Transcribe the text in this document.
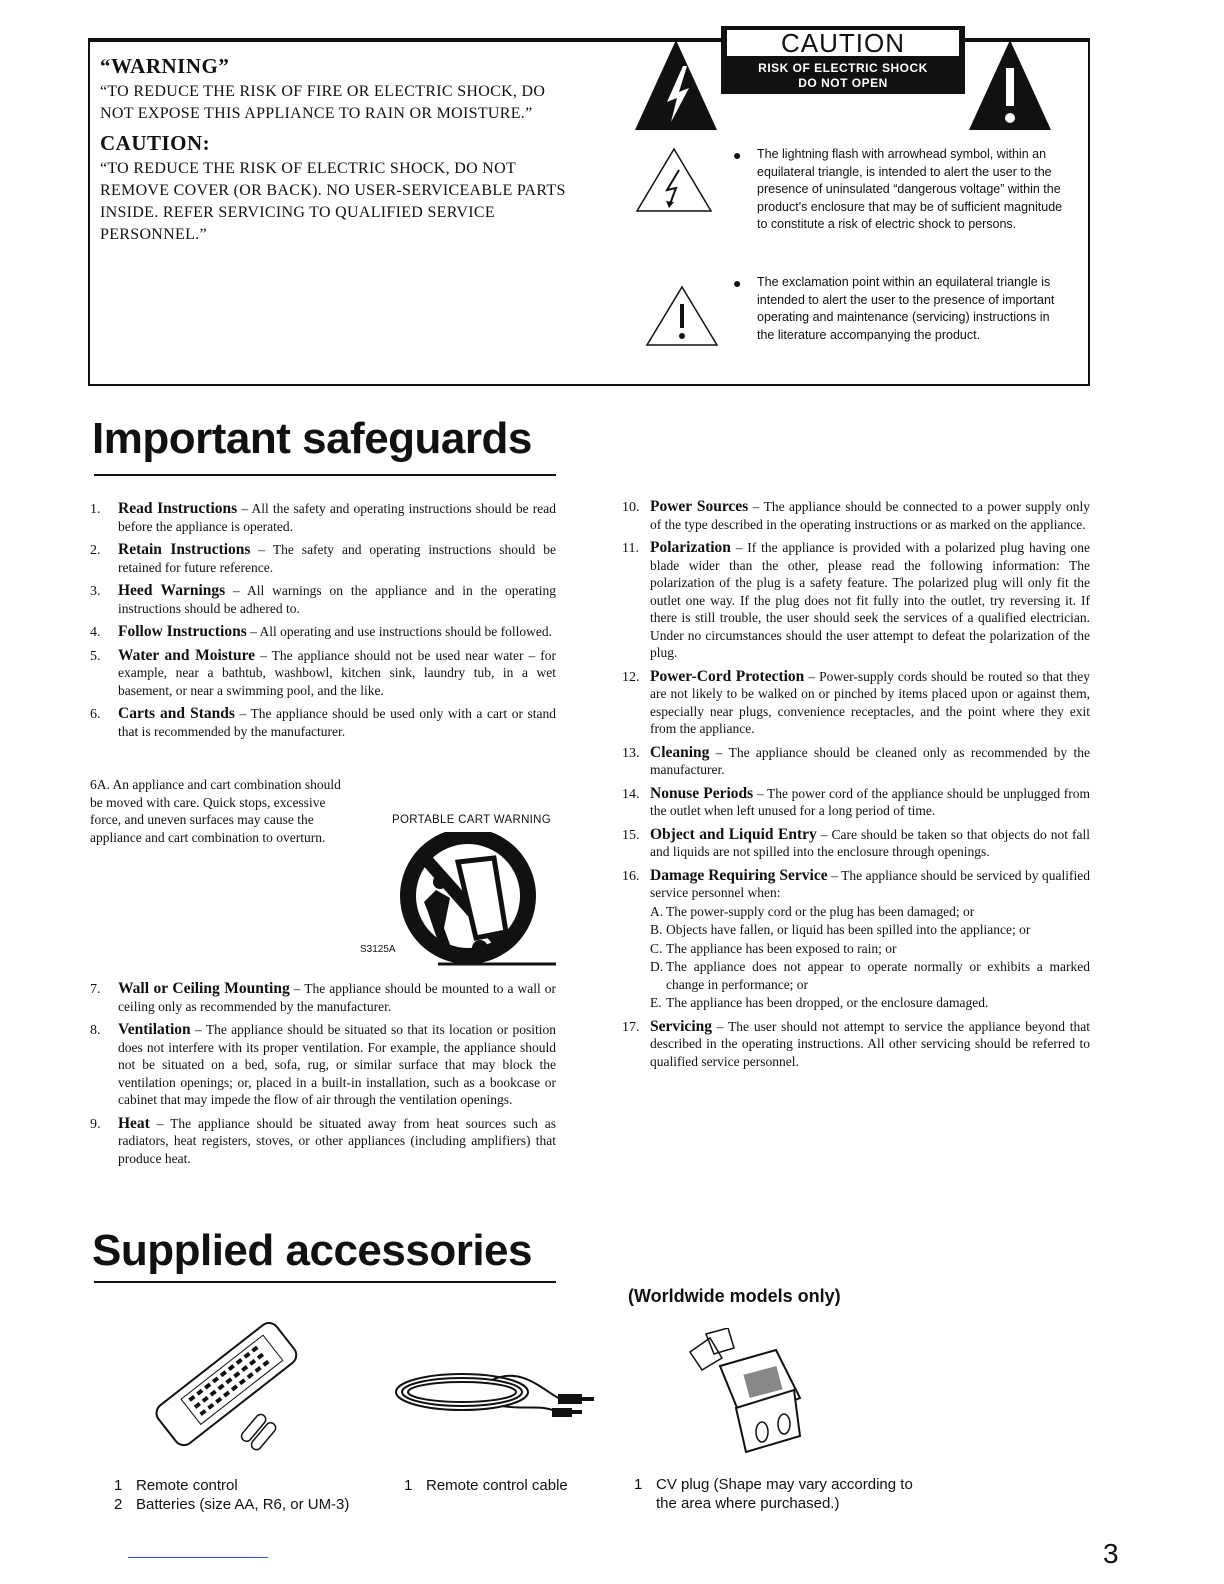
“WARNING”
“TO REDUCE THE RISK OF FIRE OR ELECTRIC SHOCK, DO NOT EXPOSE THIS APPLIANCE TO RAIN OR MOISTURE.”
CAUTION:
“TO REDUCE THE RISK OF ELECTRIC SHOCK, DO NOT REMOVE COVER (OR BACK). NO USER-SERVICEABLE PARTS INSIDE. REFER SERVICING TO QUALIFIED SERVICE PERSONNEL.”
CAUTION
RISK OF ELECTRIC SHOCK
DO NOT OPEN
● The lightning flash with arrowhead symbol, within an equilateral triangle, is intended to alert the user to the presence of uninsulated “dangerous voltage” within the product's enclosure that may be of sufficient magnitude to constitute a risk of electric shock to persons.
● The exclamation point within an equilateral triangle is intended to alert the user to the presence of important operating and maintenance (servicing) instructions in the literature accompanying the product.
Important safeguards
1. Read Instructions – All the safety and operating instructions should be read before the appliance is operated.
2. Retain Instructions – The safety and operating instructions should be retained for future reference.
3. Heed Warnings – All warnings on the appliance and in the operating instructions should be adhered to.
4. Follow Instructions – All operating and use instructions should be followed.
5. Water and Moisture – The appliance should not be used near water – for example, near a bathtub, washbowl, kitchen sink, laundry tub, in a wet basement, or near a swimming pool, and the like.
6. Carts and Stands – The appliance should be used only with a cart or stand that is recommended by the manufacturer.
6A. An appliance and cart combination should be moved with care. Quick stops, excessive force, and uneven surfaces may cause the appliance and cart combination to overturn.
PORTABLE CART WARNING
S3125A
7. Wall or Ceiling Mounting – The appliance should be mounted to a wall or ceiling only as recommended by the manufacturer.
8. Ventilation – The appliance should be situated so that its location or position does not interfere with its proper ventilation. For example, the appliance should not be situated on a bed, sofa, rug, or similar surface that may block the ventilation openings; or, placed in a built-in installation, such as a bookcase or cabinet that may impede the flow of air through the ventilation openings.
9. Heat – The appliance should be situated away from heat sources such as radiators, heat registers, stoves, or other appliances (including amplifiers) that produce heat.
10. Power Sources – The appliance should be connected to a power supply only of the type described in the operating instructions or as marked on the appliance.
11. Polarization – If the appliance is provided with a polarized plug having one blade wider than the other, please read the following information: The polarization of the plug is a safety feature. The polarized plug will only fit the outlet one way. If the plug does not fit fully into the outlet, try reversing it. If there is still trouble, the user should seek the services of a qualified electrician. Under no circumstances should the user attempt to defeat the polarization of the plug.
12. Power-Cord Protection – Power-supply cords should be routed so that they are not likely to be walked on or pinched by items placed upon or against them, especially near plugs, convenience receptacles, and the point where they exit from the appliance.
13. Cleaning – The appliance should be cleaned only as recommended by the manufacturer.
14. Nonuse Periods – The power cord of the appliance should be unplugged from the outlet when left unused for a long period of time.
15. Object and Liquid Entry – Care should be taken so that objects do not fall and liquids are not spilled into the enclosure through openings.
16. Damage Requiring Service – The appliance should be serviced by qualified service personnel when:
A. The power-supply cord or the plug has been damaged; or
B. Objects have fallen, or liquid has been spilled into the appliance; or
C. The appliance has been exposed to rain; or
D. The appliance does not appear to operate normally or exhibits a marked change in performance; or
E. The appliance has been dropped, or the enclosure damaged.
17. Servicing – The user should not attempt to service the appliance beyond that described in the operating instructions. All other servicing should be referred to qualified service personnel.
Supplied accessories
(Worldwide models only)
1 Remote control
2 Batteries (size AA, R6, or UM-3)
1 Remote control cable	1 CV plug (Shape may vary according to the area where purchased.)
3
